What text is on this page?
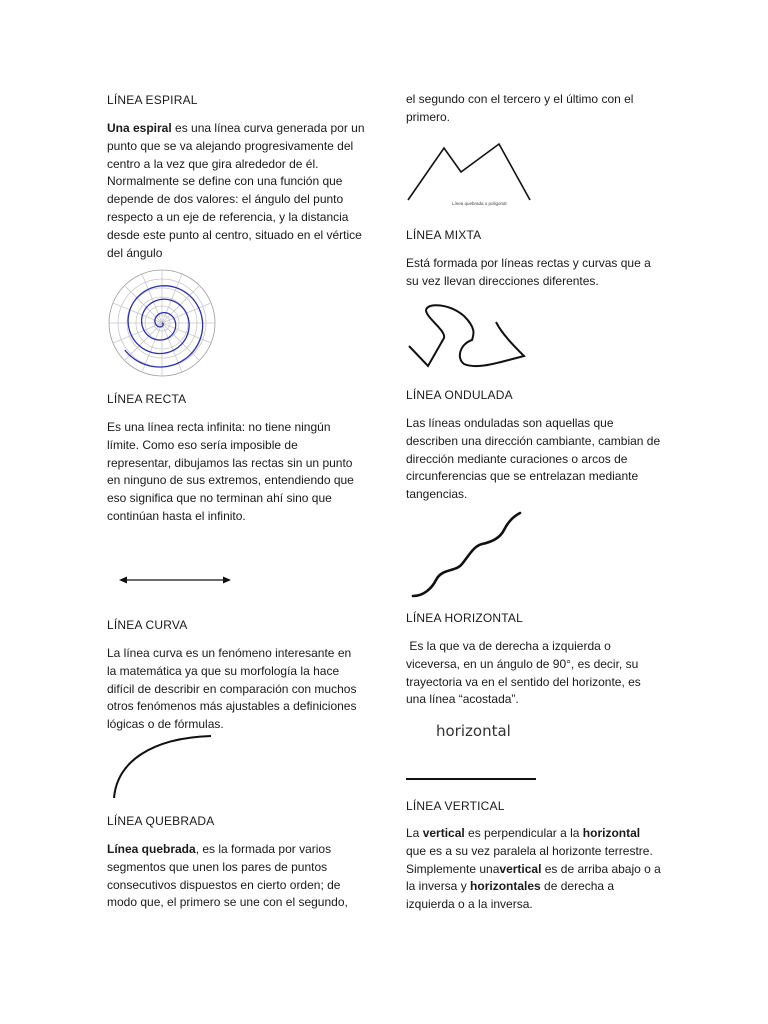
LÍNEA ESPIRAL
Una espiral es una línea curva generada por un punto que se va alejando progresivamente del centro a la vez que gira alrededor de él. Normalmente se define con una función que depende de dos valores: el ángulo del punto respecto a un eje de referencia, y la distancia desde este punto al centro, situado en el vértice del ángulo
LÍNEA RECTA
Es una línea recta infinita: no tiene ningún límite. Como eso sería imposible de representar, dibujamos las rectas sin un punto en ninguno de sus extremos, entendiendo que eso significa que no terminan ahí sino que continúan hasta el infinito.
LÍNEA CURVA
La línea curva es un fenómeno interesante en la matemática ya que su morfología la hace difícil de describir en comparación con muchos otros fenómenos más ajustables a definiciones lógicas o de fórmulas.
LÍNEA QUEBRADA
Línea quebrada, es la formada por varios segmentos que unen los pares de puntos consecutivos dispuestos en cierto orden; de modo que, el primero se une con el segundo,
el segundo con el tercero y el último con el primero.
Línea quebrada o poligonal
LÍNEA MIXTA
Está formada por líneas rectas y curvas que a su vez llevan direcciones diferentes.
LÍNEA ONDULADA
Las líneas onduladas son aquellas que describen una dirección cambiante, cambian de dirección mediante curaciones o arcos de circunferencias que se entrelazan mediante tangencias.
LÍNEA HORIZONTAL
Es la que va de derecha a izquierda o viceversa, en un ángulo de 90°, es decir, su trayectoria va en el sentido del horizonte, es una línea “acostada”.
horizontal
LÍNEA VERTICAL
La vertical es perpendicular a la horizontal que es a su vez paralela al horizonte terrestre. Simplemente unavertical es de arriba abajo o a la inversa y horizontales de derecha a izquierda o a la inversa.
